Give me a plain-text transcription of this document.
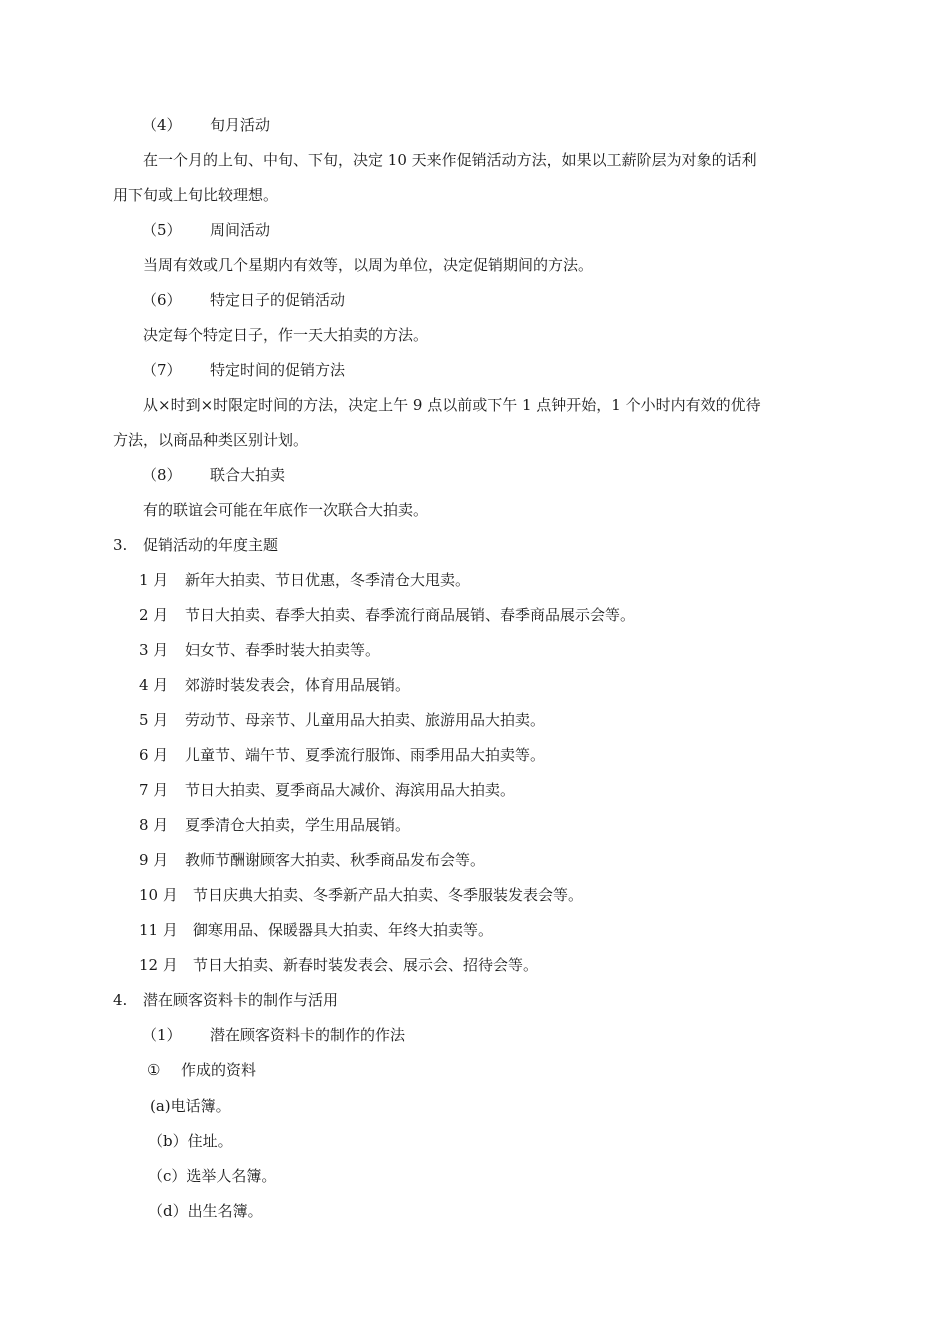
（4） 旬月活动
在一个月的上旬、中旬、下旬，决定 10 天来作促销活动方法，如果以工薪阶层为对象的话利
用下旬或上旬比较理想。
（5） 周间活动
当周有效或几个星期内有效等，以周为单位，决定促销期间的方法。
（6） 特定日子的促销活动
决定每个特定日子，作一天大拍卖的方法。
（7） 特定时间的促销方法
从×时到×时限定时间的方法，决定上午 9 点以前或下午 1 点钟开始，1 个小时内有效的优待
方法，以商品种类区别计划。
（8） 联合大拍卖
有的联谊会可能在年底作一次联合大拍卖。
3. 促销活动的年度主题
1 月 新年大拍卖、节日优惠，冬季清仓大甩卖。
2 月 节日大拍卖、春季大拍卖、春季流行商品展销、春季商品展示会等。
3 月 妇女节、春季时装大拍卖等。
4 月 郊游时装发表会，体育用品展销。
5 月 劳动节、母亲节、儿童用品大拍卖、旅游用品大拍卖。
6 月 儿童节、端午节、夏季流行服饰、雨季用品大拍卖等。
7 月 节日大拍卖、夏季商品大减价、海滨用品大拍卖。
8 月 夏季清仓大拍卖，学生用品展销。
9 月 教师节酬谢顾客大拍卖、秋季商品发布会等。
10 月 节日庆典大拍卖、冬季新产品大拍卖、冬季服装发表会等。
11 月 御寒用品、保暖器具大拍卖、年终大拍卖等。
12 月 节日大拍卖、新春时装发表会、展示会、招待会等。
4. 潜在顾客资料卡的制作与活用
（1） 潜在顾客资料卡的制作的作法
① 作成的资料
(a)电话簿。
（b）住址。
（c）选举人名簿。
（d）出生名簿。
